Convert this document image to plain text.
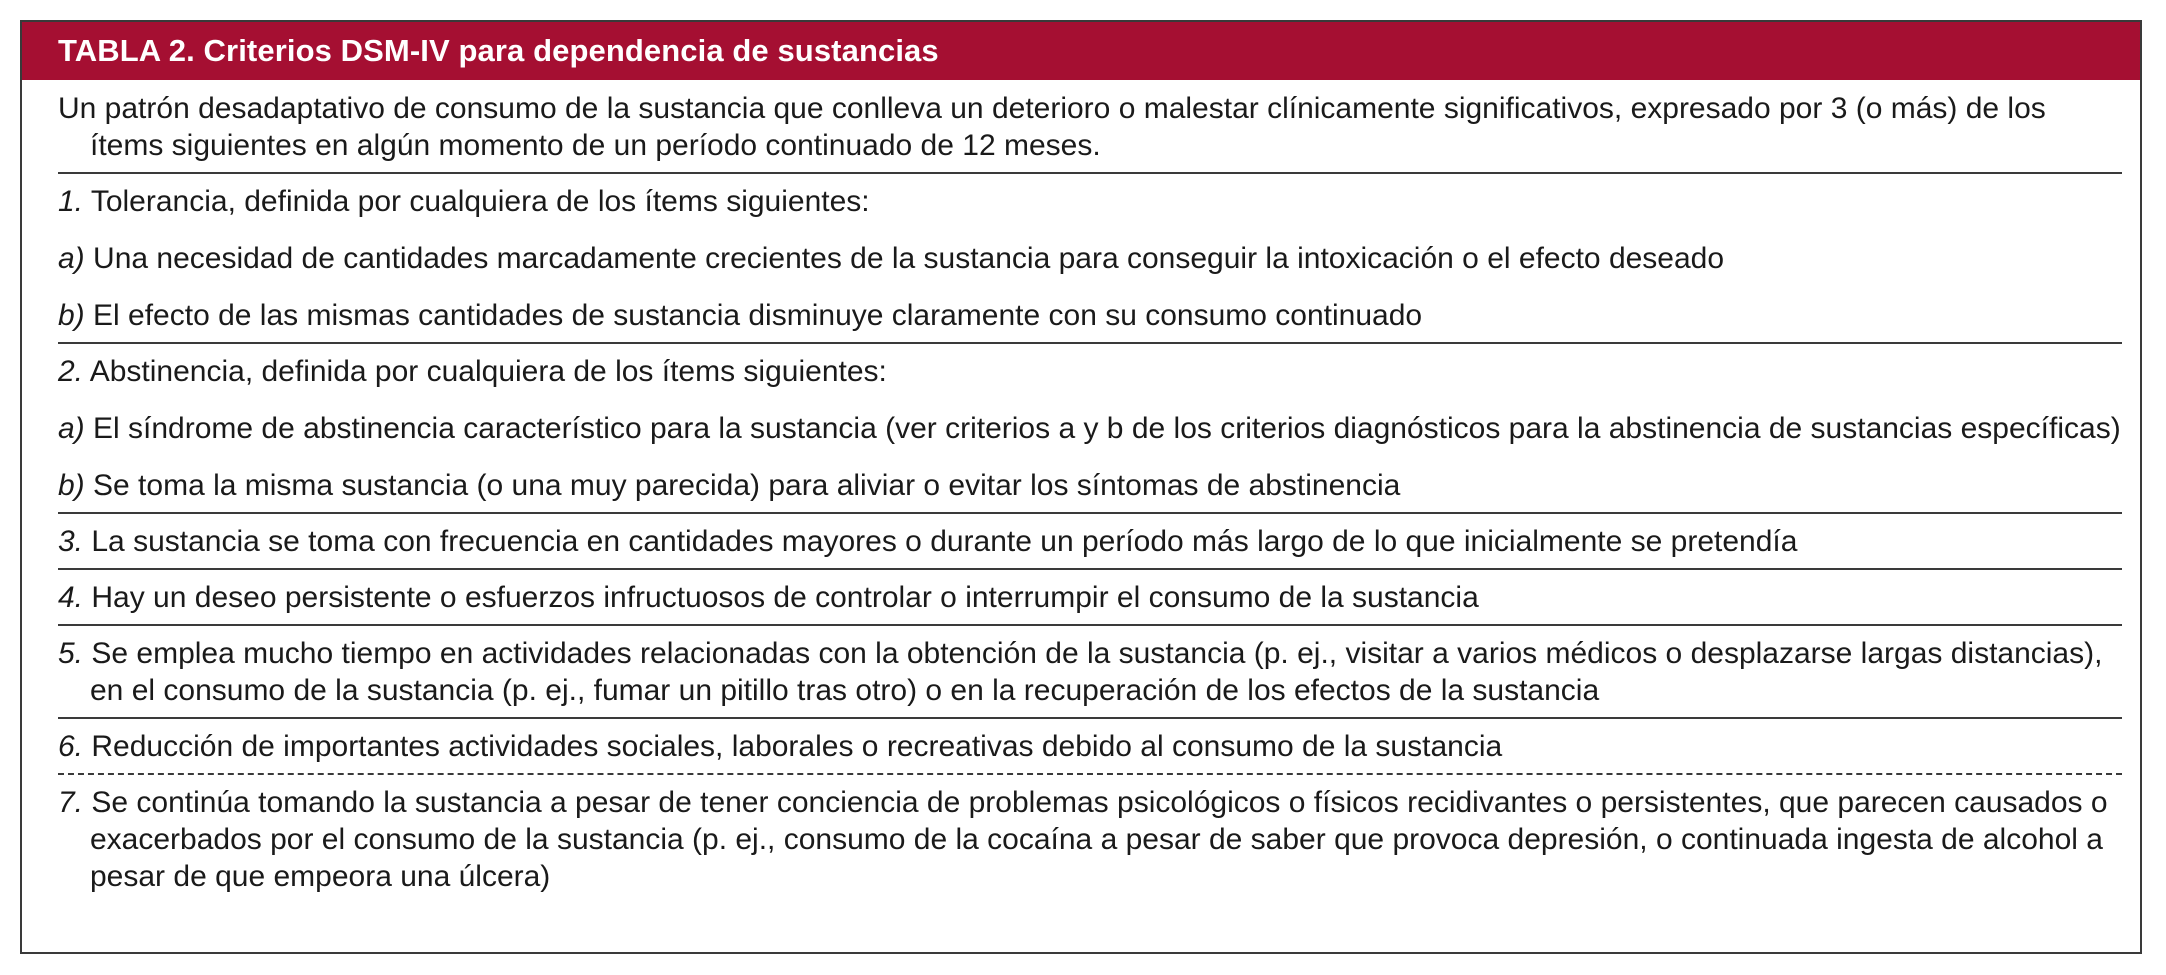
TABLA 2. Criterios DSM-IV para dependencia de sustancias
Un patrón desadaptativo de consumo de la sustancia que conlleva un deterioro o malestar clínicamente significativos, expresado por 3 (o más) de los ítems siguientes en algún momento de un período continuado de 12 meses.
1. Tolerancia, definida por cualquiera de los ítems siguientes:
a) Una necesidad de cantidades marcadamente crecientes de la sustancia para conseguir la intoxicación o el efecto deseado
b) El efecto de las mismas cantidades de sustancia disminuye claramente con su consumo continuado
2. Abstinencia, definida por cualquiera de los ítems siguientes:
a) El síndrome de abstinencia característico para la sustancia (ver criterios a y b de los criterios diagnósticos para la abstinencia de sustancias específicas)
b) Se toma la misma sustancia (o una muy parecida) para aliviar o evitar los síntomas de abstinencia
3. La sustancia se toma con frecuencia en cantidades mayores o durante un período más largo de lo que inicialmente se pretendía
4. Hay un deseo persistente o esfuerzos infructuosos de controlar o interrumpir el consumo de la sustancia
5. Se emplea mucho tiempo en actividades relacionadas con la obtención de la sustancia (p. ej., visitar a varios médicos o desplazarse largas distancias), en el consumo de la sustancia (p. ej., fumar un pitillo tras otro) o en la recuperación de los efectos de la sustancia
6. Reducción de importantes actividades sociales, laborales o recreativas debido al consumo de la sustancia
7. Se continúa tomando la sustancia a pesar de tener conciencia de problemas psicológicos o físicos recidivantes o persistentes, que parecen causados o exacerbados por el consumo de la sustancia (p. ej., consumo de la cocaína a pesar de saber que provoca depresión, o continuada ingesta de alcohol a pesar de que empeora una úlcera)
